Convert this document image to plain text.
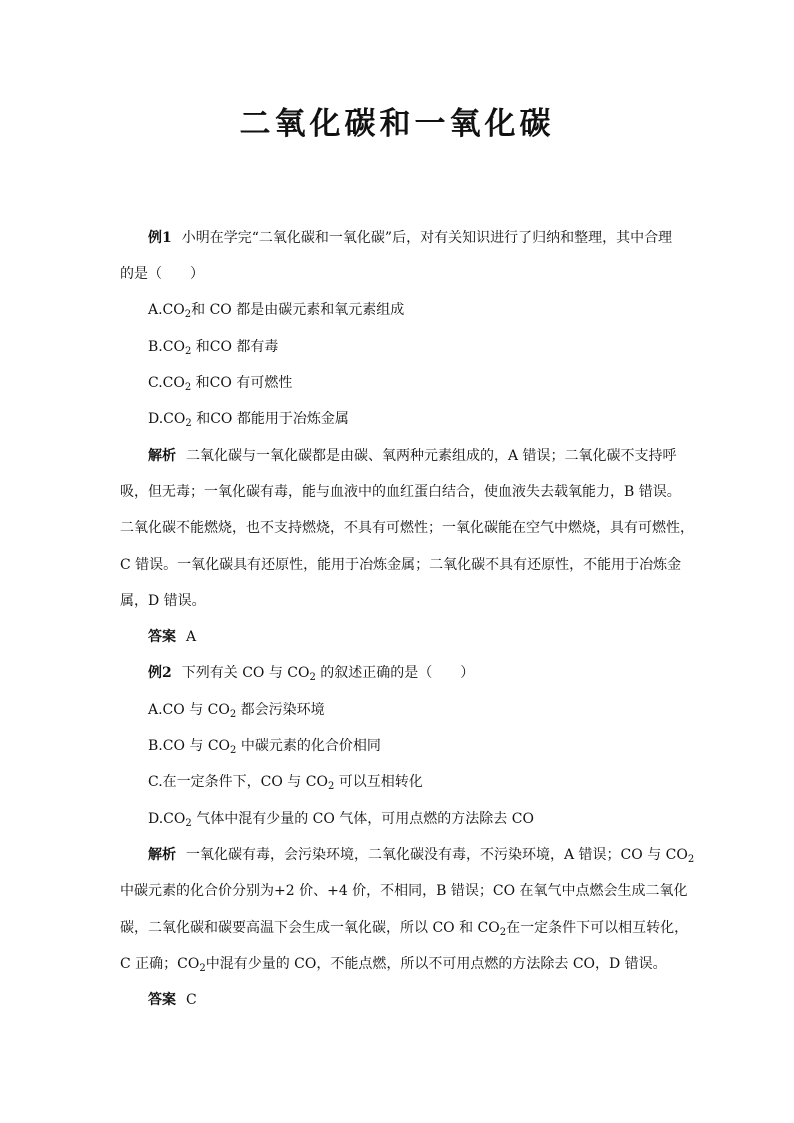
二氧化碳和一氧化碳
例1 小明在学完“二氧化碳和一氧化碳”后，对有关知识进行了归纳和整理，其中合理
的是（　　）
$A.CO_2$和 CO 都是由碳元素和氧元素组成
$B.CO_2$ 和CO 都有毒
$C.CO_2$ 和CO 有可燃性
$D.CO_2$ 和CO 都能用于冶炼金属
解析 二氧化碳与一氧化碳都是由碳、氧两种元素组成的，A 错误；二氧化碳不支持呼
吸，但无毒；一氧化碳有毒，能与血液中的血红蛋白结合，使血液失去载氧能力，B 错误。
二氧化碳不能燃烧，也不支持燃烧，不具有可燃性；一氧化碳能在空气中燃烧，具有可燃性，
C 错误。一氧化碳具有还原性，能用于冶炼金属；二氧化碳不具有还原性，不能用于冶炼金
属，D 错误。
答案 A
例2 下列有关 CO 与 $CO_2$ 的叙述正确的是（　　）
A.CO 与 $CO_2$ 都会污染环境
B.CO 与 $CO_2$ 中碳元素的化合价相同
C.在一定条件下，CO 与 $CO_2$ 可以互相转化
$D.CO_2$ 气体中混有少量的 CO 气体，可用点燃的方法除去 CO
解析 一氧化碳有毒，会污染环境，二氧化碳没有毒，不污染环境，A 错误；CO 与 $CO_2$
中碳元素的化合价分别为+2 价、+4 价，不相同，B 错误；CO 在氧气中点燃会生成二氧化
碳，二氧化碳和碳要高温下会生成一氧化碳，所以 CO 和 $CO_2$在一定条件下可以相互转化，
C 正确；$CO_2$中混有少量的 CO，不能点燃，所以不可用点燃的方法除去 CO，D 错误。
答案 C
